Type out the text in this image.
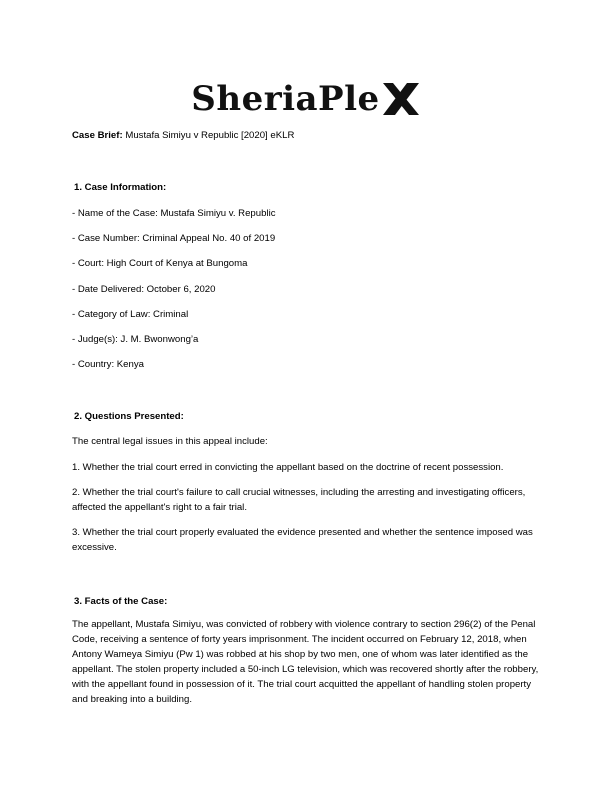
SheriaPle
Case Brief: Mustafa Simiyu v Republic [2020] eKLR
1. Case Information:
- Name of the Case: Mustafa Simiyu v. Republic
- Case Number: Criminal Appeal No. 40 of 2019
- Court: High Court of Kenya at Bungoma
- Date Delivered: October 6, 2020
- Category of Law: Criminal
- Judge(s): J. M. Bwonwong’a
- Country: Kenya
2. Questions Presented:
The central legal issues in this appeal include:
1. Whether the trial court erred in convicting the appellant based on the doctrine of recent possession.
2. Whether the trial court's failure to call crucial witnesses, including the arresting and investigating officers, affected the appellant's right to a fair trial.
3. Whether the trial court properly evaluated the evidence presented and whether the sentence imposed was excessive.
3. Facts of the Case:
The appellant, Mustafa Simiyu, was convicted of robbery with violence contrary to section 296(2) of the Penal Code, receiving a sentence of forty years imprisonment. The incident occurred on February 12, 2018, when Antony Wameya Simiyu (Pw 1) was robbed at his shop by two men, one of whom was later identified as the appellant. The stolen property included a 50-inch LG television, which was recovered shortly after the robbery, with the appellant found in possession of it. The trial court acquitted the appellant of handling stolen property and breaking into a building.
